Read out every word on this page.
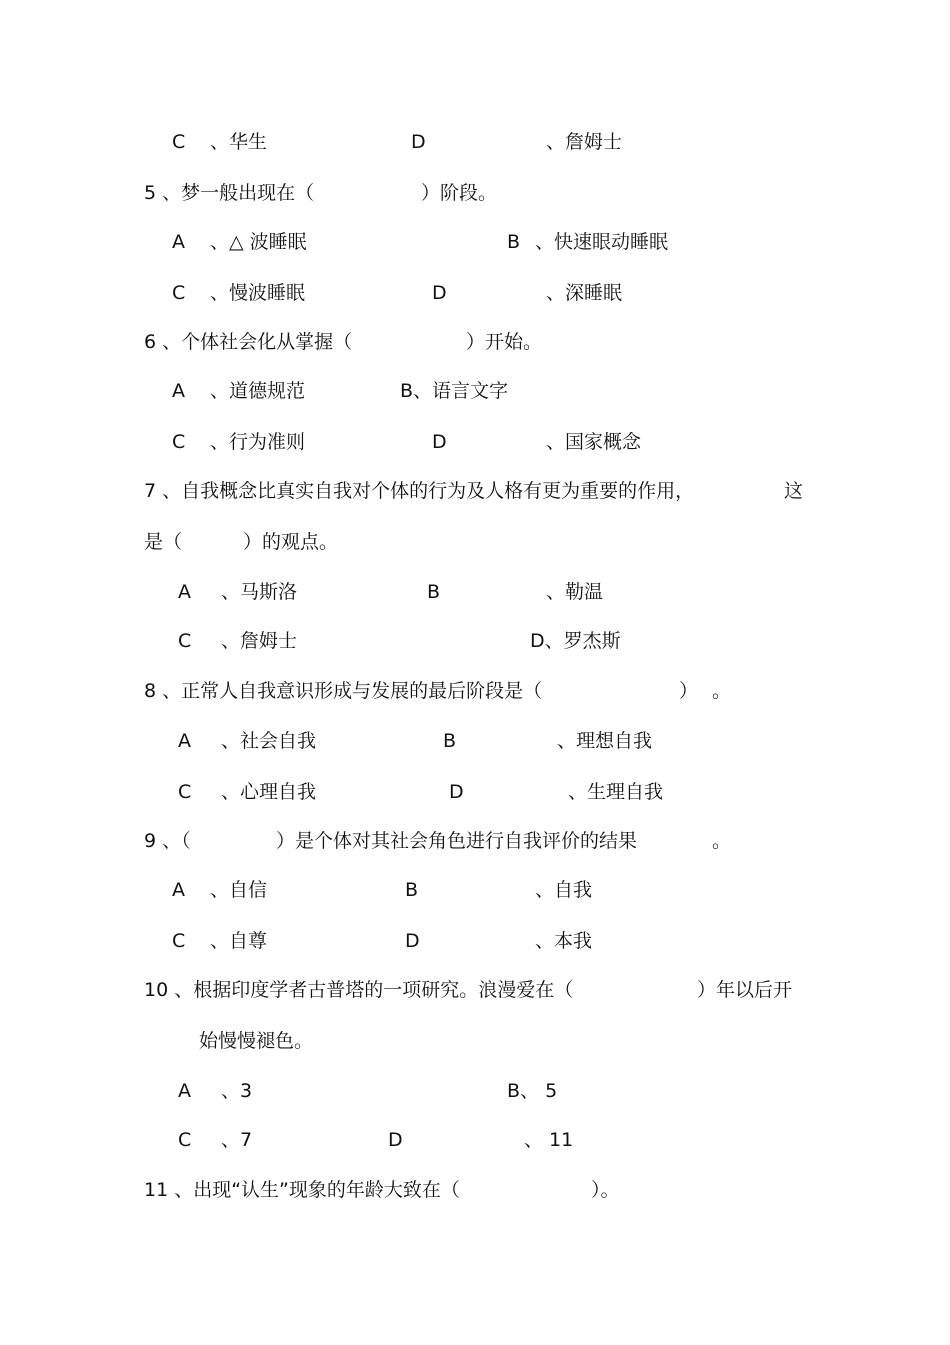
C 、华生	D	、詹姆士
5 、梦一般出现在（	）阶段。
A 、△ 波睡眠	B 、快速眼动睡眠
C 、慢波睡眠	D	、深睡眠
6 、个体社会化从掌握（	）开始。
A 、道德规范	B、语言文字
C 、行为准则	D	、国家概念
7 、自我概念比真实自我对个体的行为及人格有更为重要的作用，	这
是（	）的观点。
A 、马斯洛	B	、勒温
C 、詹姆士	D、罗杰斯
8 、正常人自我意识形成与发展的最后阶段是（	） 。
A 、社会自我	B	、理想自我
C 、心理自我	D	、生理自我
9 、（	）是个体对其社会角色进行自我评价的结果	。
A 、自信	B	、自我
C 、自尊	D	、本我
10 、根据印度学者古普塔的一项研究。浪漫爱在（	）年以后开
始慢慢褪色。
A 、3	B、 5
C 、7	D	、 11
11 、出现“认生”现象的年龄大致在（	）。
